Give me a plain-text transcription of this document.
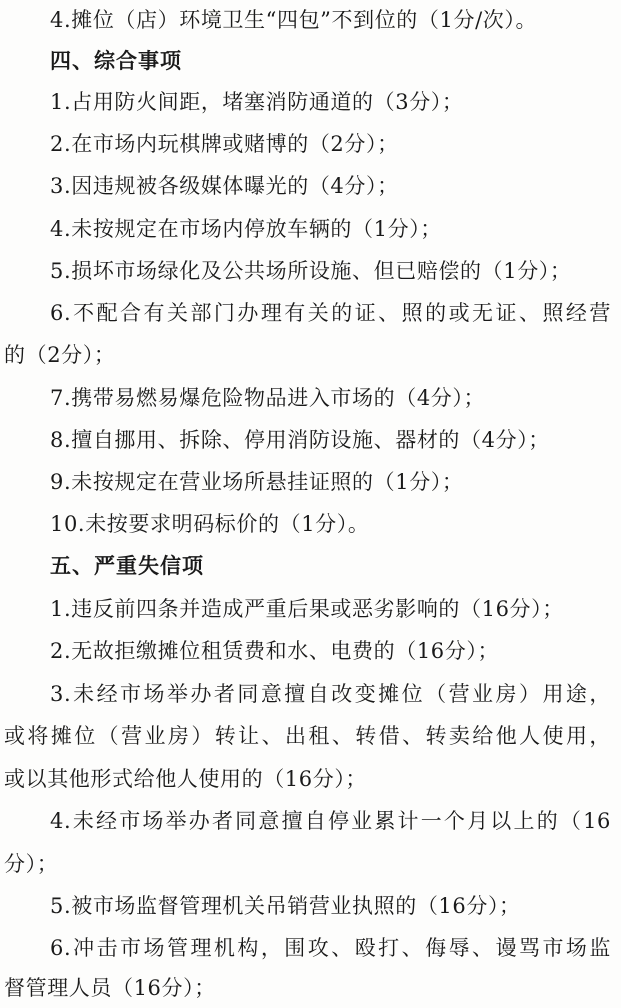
4.摊位（店）环境卫生“四包”不到位的（1分/次）。
四、综合事项
1.占用防火间距，堵塞消防通道的（3分）；
2.在市场内玩棋牌或赌博的（2分）；
3.因违规被各级媒体曝光的（4分）；
4.未按规定在市场内停放车辆的（1分）；
5.损坏市场绿化及公共场所设施、但已赔偿的（1分）；
6.不配合有关部门办理有关的证、照的或无证、照经营
的（2分）；
7.携带易燃易爆危险物品进入市场的（4分）；
8.擅自挪用、拆除、停用消防设施、器材的（4分）；
9.未按规定在营业场所悬挂证照的（1分）；
10.未按要求明码标价的（1分）。
五、严重失信项
1.违反前四条并造成严重后果或恶劣影响的（16分）；
2.无故拒缴摊位租赁费和水、电费的（16分）；
3.未经市场举办者同意擅自改变摊位（营业房）用途，
或将摊位（营业房）转让、出租、转借、转卖给他人使用，
或以其他形式给他人使用的（16分）；
4.未经市场举办者同意擅自停业累计一个月以上的（16
分）；
5.被市场监督管理机关吊销营业执照的（16分）；
6.冲击市场管理机构，围攻、殴打、侮辱、谩骂市场监
督管理人员（16分）；
